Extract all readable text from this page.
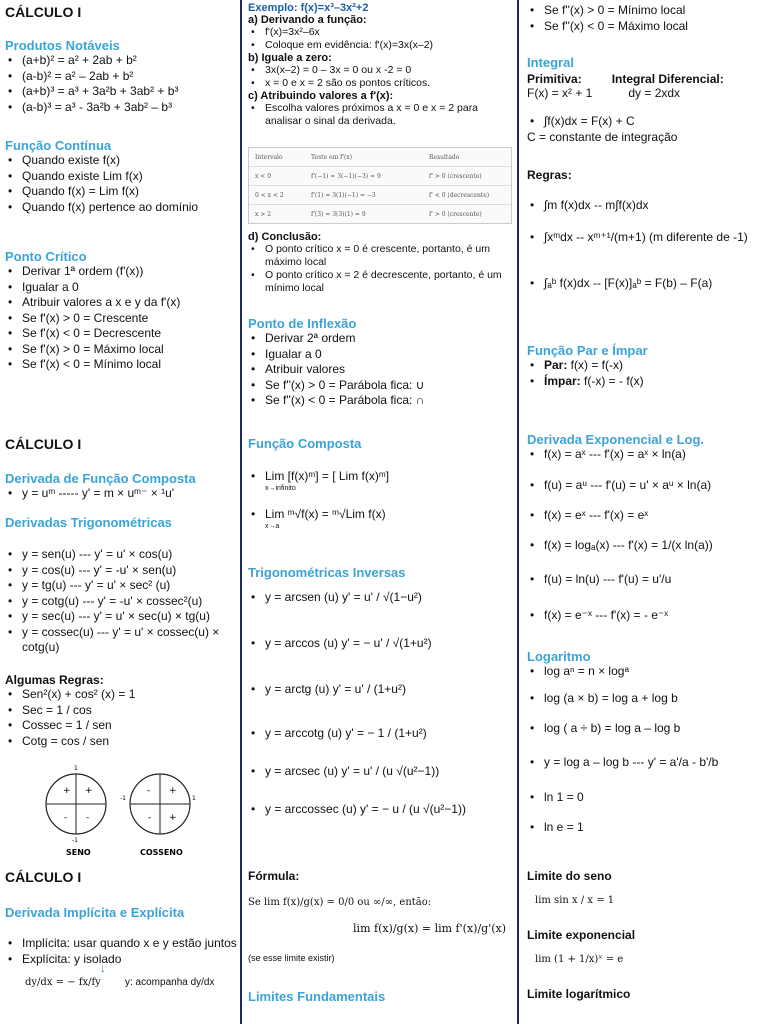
CÁLCULO I
Produtos Notáveis
• (a+b)² = a² + 2ab + b²
• (a-b)² = a² – 2ab + b²
• (a+b)³ = a³ + 3a²b + 3ab² + b³
• (a-b)³ = a³ - 3a²b + 3ab² – b³
Função Contínua
• Quando existe f(x)
• Quando existe Lim f(x)
• Quando f(x) = Lim f(x)
• Quando f(x) pertence ao domínio
Ponto Crítico
• Derivar 1ª ordem (f'(x))
• Igualar a 0
• Atribuir valores a x e y da f'(x)
• Se f'(x) > 0 = Crescente
• Se f'(x) < 0 = Decrescente
• Se f'(x) > 0 = Máximo local
• Se f'(x) < 0 = Mínimo local
CÁLCULO I
Derivada de Função Composta
• y = uᵐ ----- y' = m × uᵐ⁻ × ¹u'
Derivadas Trigonométricas
• y = sen(u) --- y' = u' × cos(u)
• y = cos(u) --- y' = -u' × sen(u)
• y = tg(u) --- y' = u' × sec² (u)
• y = cotg(u) --- y' = -u' × cossec²(u)
• y = sec(u) --- y' = u' × sec(u) × tg(u)
• y = cossec(u) --- y' = u' × cossec(u) × cotg(u)
Algumas Regras:
• Sen²(x) + cos² (x) = 1
• Sec = 1 / cos
• Cossec = 1 / sen
• Cotg = cos / sen
+ +
- -
1
-1
SENO
- +
- +
-1	1
COSSENO
CÁLCULO I
Derivada Implícita e Explícita
• Implícita: usar quando x e y estão juntos
• Explícita: y isolado
↓
dy/dx = − fx/fy y: acompanha dy/dx
Exemplo: f(x)=x³–3x²+2
a) Derivando a função:
• f'(x)=3x²–6x
• Coloque em evidência: f'(x)=3x(x–2)
b) Iguale a zero:
• 3x(x–2) = 0 – 3x = 0 ou x -2 = 0
• x = 0 e x = 2 são os pontos críticos.
c) Atribuindo valores a f'(x):
• Escolha valores próximos a x = 0 e x = 2 para analisar o sinal da derivada.
Intervalo	Teste em f'(x)	Resultado
x < 0	f'(−1) = 3(−1)(−3) = 9	f' > 0 (crescente)
0 < x < 2	f'(1) = 3(1)(−1) = −3	f' < 0 (decrescente)
x > 2	f'(3) = 3(3)(1) = 9	f' > 0 (crescente)
d) Conclusão:
• O ponto crítico x = 0 é crescente, portanto, é um máximo local
• O ponto crítico x = 2 é decrescente, portanto, é um mínimo local
Ponto de Inflexão
• Derivar 2ª ordem
• Igualar a 0
• Atribuir valores
• Se f''(x) > 0 = Parábola fica: ∪
• Se f''(x) < 0 = Parábola fica: ∩
Função Composta
• Lim [f(x)ᵐ] = [ Lim f(x)ᵐ]
x→infinito
• Lim ᵐ√f(x) = ᵐ√Lim f(x)
x→a
Trigonométricas Inversas
• y = arcsen (u) y' = u' / √(1−u²)
• y = arccos (u) y' = − u' / √(1+u²)
• y = arctg (u) y' = u' / (1+u²)
• y = arccotg (u) y' = − 1 / (1+u²)
• y = arcsec (u) y' = u' / (u √(u²−1))
• y = arccossec (u) y' = − u / (u √(u²−1))
Fórmula:
Se lim f(x)/g(x) = 0/0 ou ∞/∞, então:
lim f(x)/g(x) = lim f'(x)/g'(x)
(se esse limite existir)
Limites Fundamentais
• Se f''(x) > 0 = Mínimo local
• Se f''(x) < 0 = Máximo local
Integral
Primitiva:	Integral Diferencial:
F(x) = x² + 1	dy = 2xdx
• ∫f(x)dx = F(x) + C
C = constante de integração
Regras:
• ∫m f(x)dx -- m∫f(x)dx
• ∫xᵐdx -- xᵐ⁺¹/(m+1) (m diferente de -1)
• ∫ₐᵇ f(x)dx -- [F(x)]ₐᵇ = F(b) – F(a)
Função Par e Ímpar
• Par: f(x) = f(-x)
• Ímpar: f(-x) = - f(x)
Derivada Exponencial e Log.
• f(x) = aˣ --- f'(x) = aˣ × ln(a)
• f(u) = aᵘ --- f'(u) = u' × aᵘ × ln(a)
• f(x) = eˣ --- f'(x) = eˣ
• f(x) = logₐ(x) --- f'(x) = 1/(x ln(a))
• f(u) = ln(u) --- f'(u) = u'/u
• f(x) = e⁻ˣ --- f'(x) = - e⁻ˣ
Logaritmo
• log aⁿ = n × logᵃ
• log (a × b) = log a + log b
• log ( a ÷ b) = log a – log b
• y = log a – log b --- y' = a'/a - b'/b
• ln 1 = 0
• ln e = 1
Limite do seno
lim sin x / x = 1
Limite exponencial
lim (1 + 1/x)ˣ = e
Limite logarítmico
